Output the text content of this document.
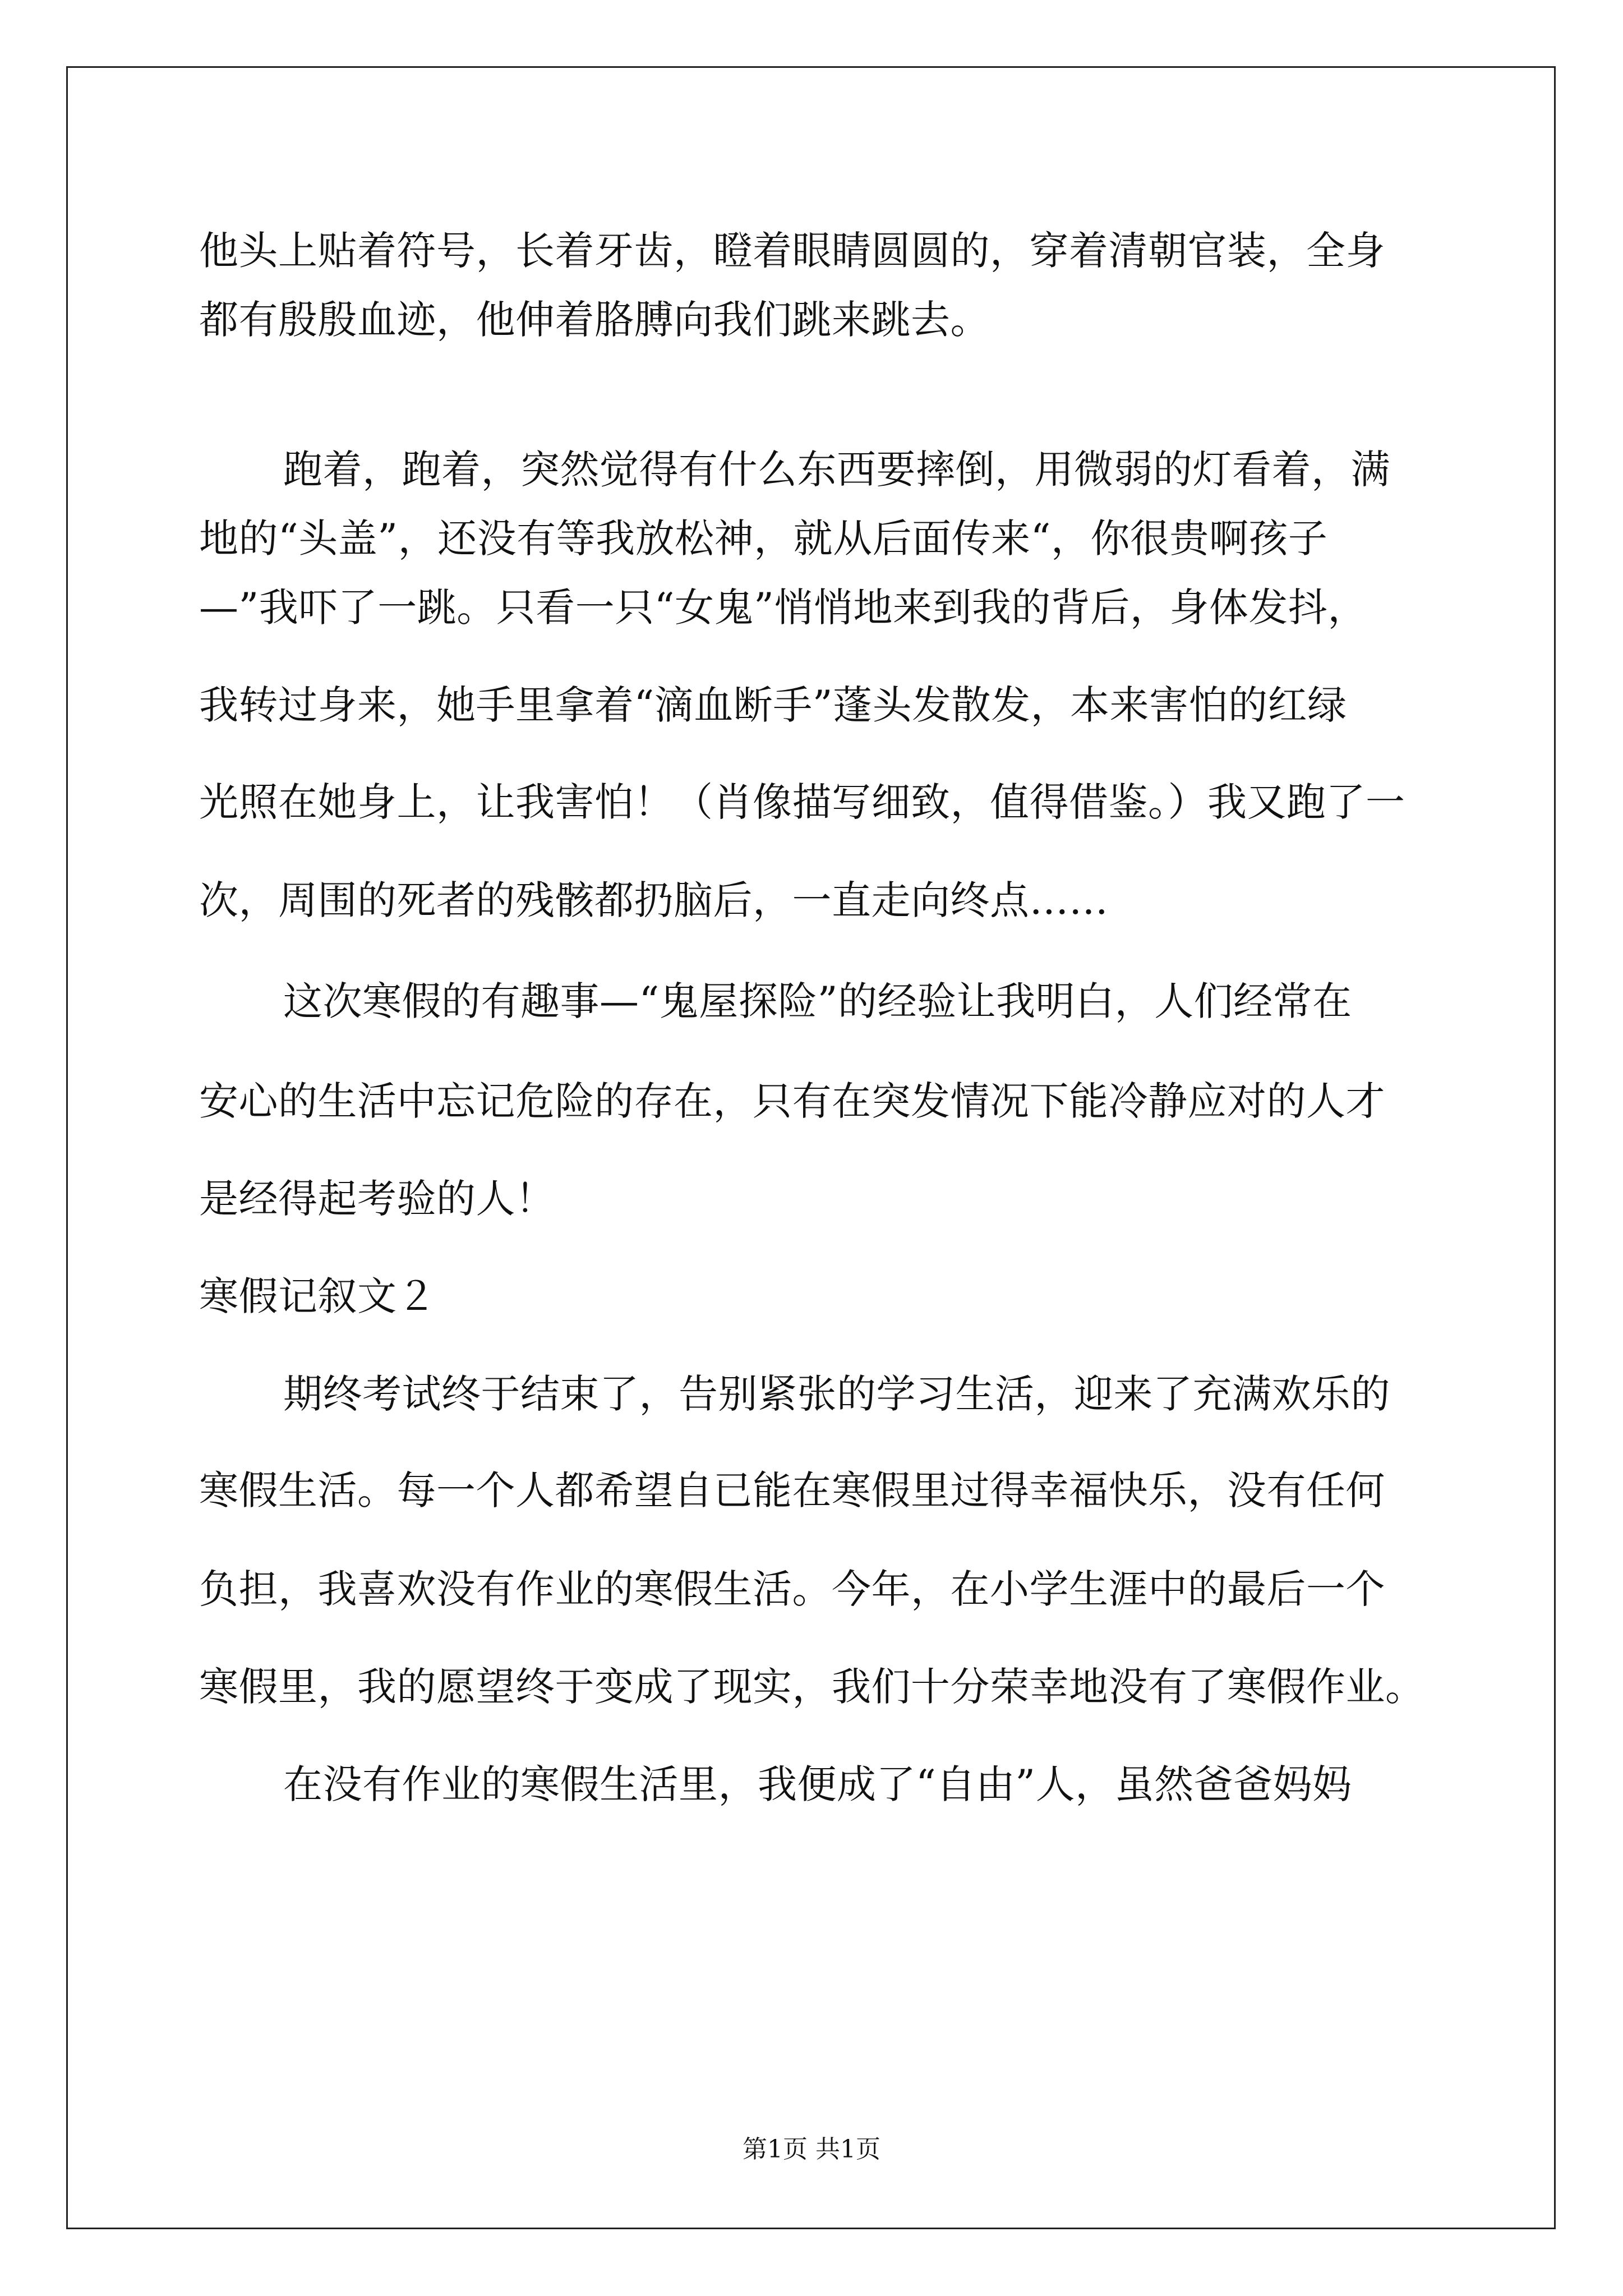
他头上贴着符号，长着牙齿，瞪着眼睛圆圆的，穿着清朝官装，全身
都有殷殷血迹，他伸着胳膊向我们跳来跳去。
跑着，跑着，突然觉得有什么东西要摔倒，用微弱的灯看着，满
地的“头盖”，还没有等我放松神，就从后面传来“，你很贵啊孩子
—”我吓了一跳。只看一只“女鬼”悄悄地来到我的背后，身体发抖，
我转过身来，她手里拿着“滴血断手”蓬头发散发，本来害怕的红绿
光照在她身上，让我害怕！（肖像描写细致，值得借鉴。）我又跑了一
次，周围的死者的残骸都扔脑后，一直走向终点……
这次寒假的有趣事—“鬼屋探险”的经验让我明白，人们经常在
安心的生活中忘记危险的存在，只有在突发情况下能冷静应对的人才
是经得起考验的人！
寒假记叙文２
期终考试终于结束了，告别紧张的学习生活，迎来了充满欢乐的
寒假生活。每一个人都希望自已能在寒假里过得幸福快乐，没有任何
负担，我喜欢没有作业的寒假生活。今年，在小学生涯中的最后一个
寒假里，我的愿望终于变成了现实，我们十分荣幸地没有了寒假作业。
在没有作业的寒假生活里，我便成了“自由”人，虽然爸爸妈妈
第1页 共1页
